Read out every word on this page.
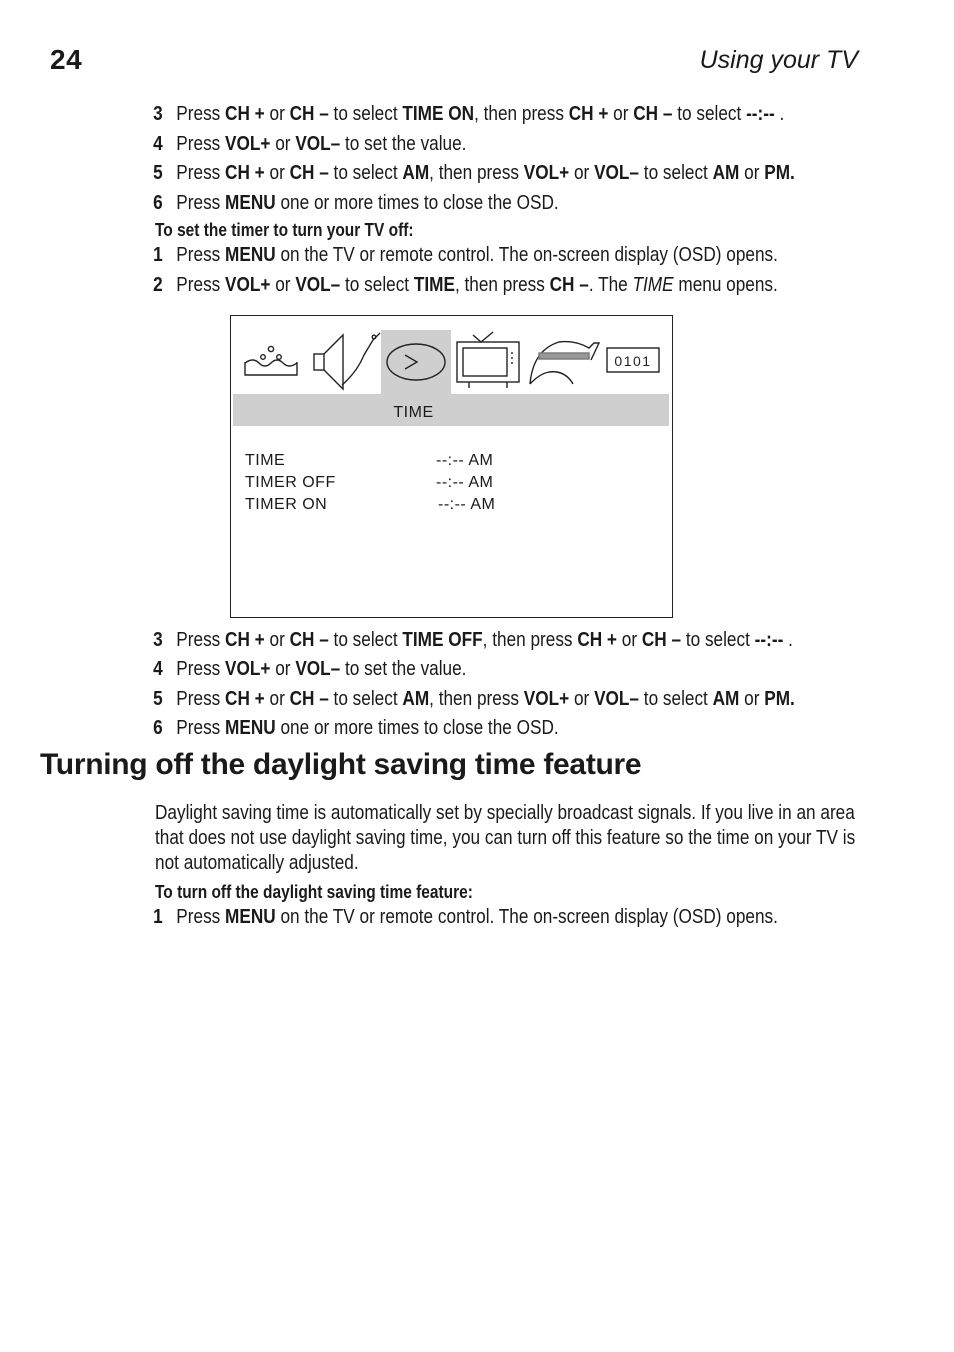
24	Using your TV
3 Press CH + or CH – to select TIME ON, then press CH + or CH – to select --:-- .
4 Press VOL+ or VOL– to set the value.
5 Press CH + or CH – to select AM, then press VOL+ or VOL– to select AM or PM.
6 Press MENU one or more times to close the OSD.
To set the timer to turn your TV off:
1 Press MENU on the TV or remote control. The on-screen display (OSD) opens.
2 Press VOL+ or VOL– to select TIME, then press CH –. The TIME menu opens.
0101
TIME
TIME	--:-- AM
TIMER OFF	--:-- AM
TIMER ON	--:-- AM
3 Press CH + or CH – to select TIME OFF, then press CH + or CH – to select --:-- .
4 Press VOL+ or VOL– to set the value.
5 Press CH + or CH – to select AM, then press VOL+ or VOL– to select AM or PM.
6 Press MENU one or more times to close the OSD.
Turning off the daylight saving time feature
Daylight saving time is automatically set by specially broadcast signals. If you live in an area
that does not use daylight saving time, you can turn off this feature so the time on your TV is
not automatically adjusted.
To turn off the daylight saving time feature:
1 Press MENU on the TV or remote control. The on-screen display (OSD) opens.
